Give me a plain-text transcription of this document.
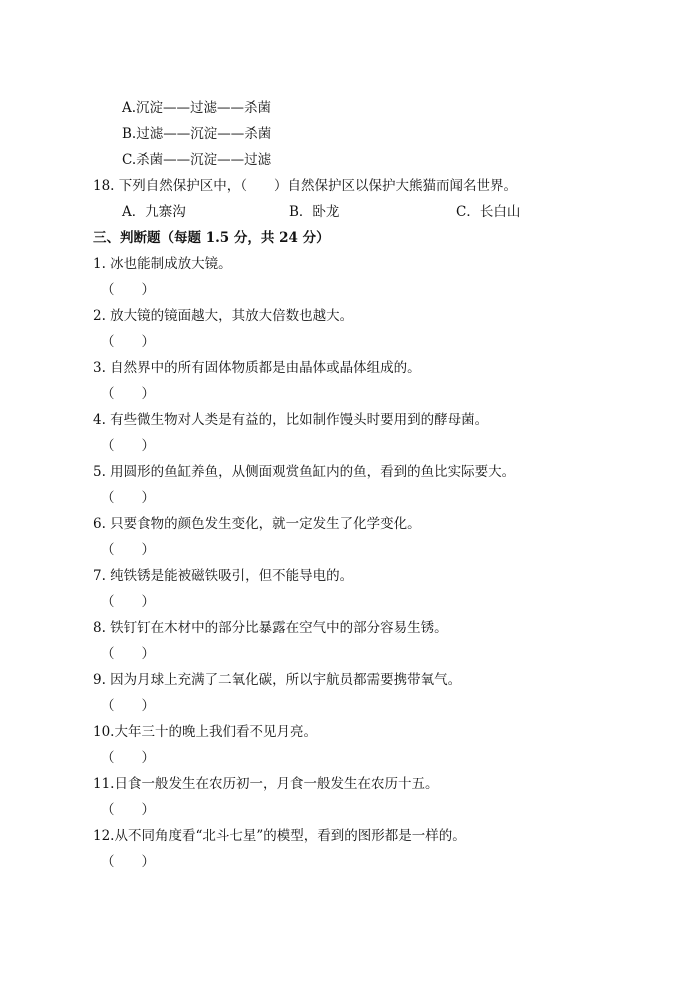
A.沉淀——过滤——杀菌
B.过滤——沉淀——杀菌
C.杀菌——沉淀——过滤
18. 下列自然保护区中，（　　）自然保护区以保护大熊猫而闻名世界。
A．九寨沟	B．卧龙	C．长白山
三、判断题（每题 1.5 分，共 24 分）
1. 冰也能制成放大镜。
（　　）
2. 放大镜的镜面越大，其放大倍数也越大。
（　　）
3. 自然界中的所有固体物质都是由晶体或晶体组成的。
（　　）
4. 有些微生物对人类是有益的，比如制作馒头时要用到的酵母菌。
（　　）
5. 用圆形的鱼缸养鱼，从侧面观赏鱼缸内的鱼，看到的鱼比实际要大。
（　　）
6. 只要食物的颜色发生变化，就一定发生了化学变化。
（　　）
7. 纯铁锈是能被磁铁吸引，但不能导电的。
（　　）
8. 铁钉钉在木材中的部分比暴露在空气中的部分容易生锈。
（　　）
9. 因为月球上充满了二氧化碳，所以宇航员都需要携带氧气。
（　　）
10.大年三十的晚上我们看不见月亮。
（　　）
11.日食一般发生在农历初一，月食一般发生在农历十五。
（　　）
12.从不同角度看“北斗七星”的模型，看到的图形都是一样的。
（　　）
